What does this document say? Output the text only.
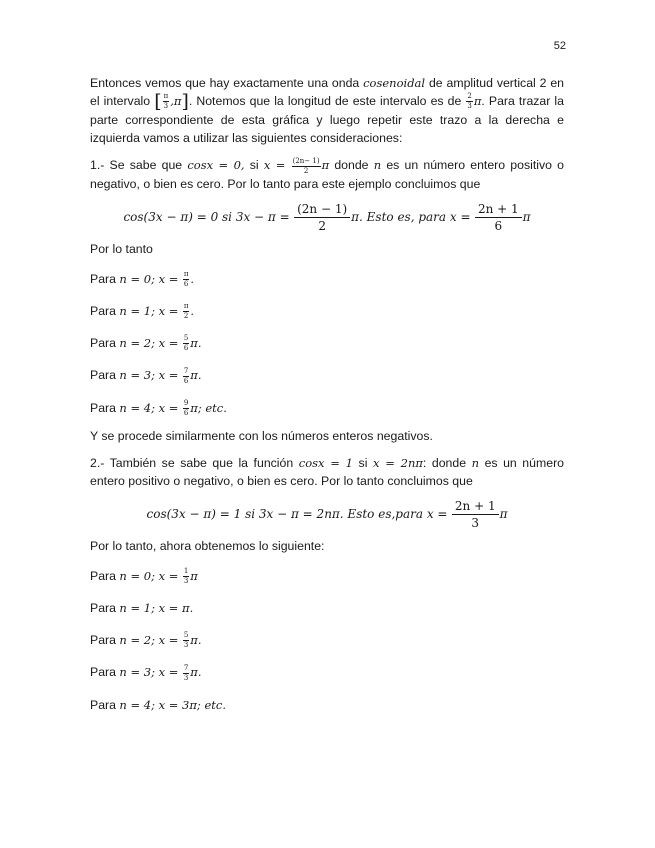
52

Entonces vemos que hay exactamente una onda cosenoidal de amplitud vertical 2 en el intervalo [ $\frac{\pi}{3} ,\pi$]. Notemos que la longitud de este intervalo es de $\frac{2}{3} \pi$. Para trazar la parte correspondiente de esta gráfica y luego repetir este trazo a la derecha e izquierda vamos a utilizar las siguientes consideraciones:

1.- Se sabe que cosx = 0, si $x = \frac{(2n- 1)}{2}$ π donde n es un número entero positivo o negativo, o bien es cero. Por lo tanto para este ejemplo concluimos que

cos(3x − π) = 0 si $3x - \pi = \frac{(2n - 1)}{2} \pi$. Esto es, para $x = \frac{2n + 1}{6}$ π

Por lo tanto

Para n = 0; $x = \frac{\pi}{6}$ .

Para n = 1; $x = \frac{\pi}{2}$ .

Para n = 2; $x = \frac{5}{6} \pi$.

Para n = 3; $x = \frac{7}{6} \pi$.

Para n = 4; $x = \frac{9}{6} \pi$; etc.

Y se procede similarmente con los números enteros negativos.

2.- También se sabe que la función cosx = 1 si x = 2nπ: donde n es un número entero positivo o negativo, o bien es cero. Por lo tanto concluimos que

cos(3x − π) = 1 si 3x − π = 2nπ. Esto es,para $x = \frac{2n + 1}{3}$ π

Por lo tanto, ahora obtenemos lo siguiente:

Para n = 0; $x = \frac{1}{3}$ π

Para n = 1; x = π.

Para n = 2; $x = \frac{5}{3} \pi$.

Para n = 3; $x = \frac{7}{3} \pi$.

Para n = 4; x = 3π; etc.
